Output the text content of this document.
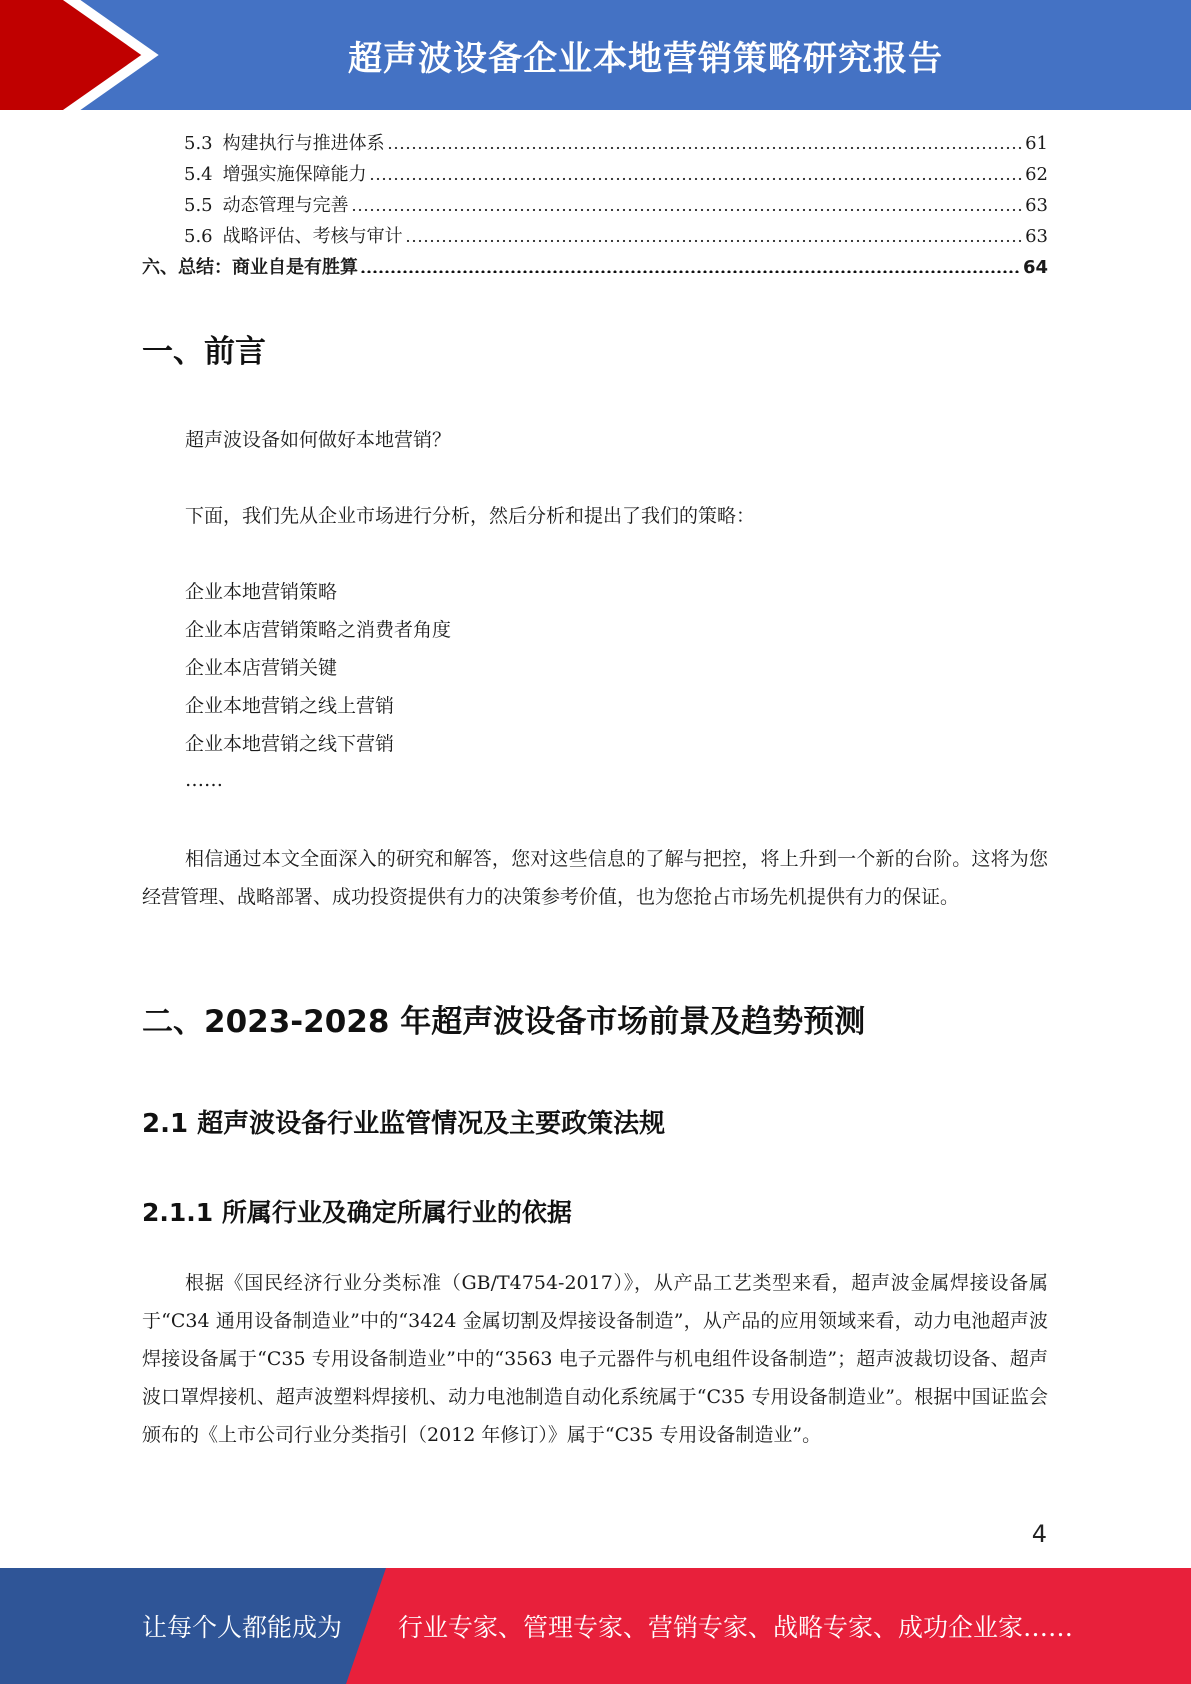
超声波设备企业本地营销策略研究报告
5.3 构建执行与推进体系	61
5.4 增强实施保障能力	62
5.5 动态管理与完善	63
5.6 战略评估、考核与审计	63
六、总结：商业自是有胜算	64
一、前言
超声波设备如何做好本地营销？
下面，我们先从企业市场进行分析，然后分析和提出了我们的策略：
企业本地营销策略
企业本店营销策略之消费者角度
企业本店营销关键
企业本地营销之线上营销
企业本地营销之线下营销
……

相信通过本文全面深入的研究和解答，您对这些信息的了解与把控，将上升到一个新的台阶。这将为您经营管理、战略部署、成功投资提供有力的决策参考价值，也为您抢占市场先机提供有力的保证。

二、2023-2028 年超声波设备市场前景及趋势预测
2.1 超声波设备行业监管情况及主要政策法规
2.1.1 所属行业及确定所属行业的依据

根据《国民经济行业分类标准（GB/T4754-2017）》，从产品工艺类型来看，超声波金属焊接设备属于“C34 通用设备制造业”中的“3424 金属切割及焊接设备制造”，从产品的应用领域来看，动力电池超声波焊接设备属于“C35 专用设备制造业”中的“3563 电子元器件与机电组件设备制造”；超声波裁切设备、超声波口罩焊接机、超声波塑料焊接机、动力电池制造自动化系统属于“C35 专用设备制造业”。根据中国证监会颁布的《上市公司行业分类指引（2012 年修订）》属于“C35 专用设备制造业”。

4
让每个人都能成为 行业专家、管理专家、营销专家、战略专家、成功企业家……
